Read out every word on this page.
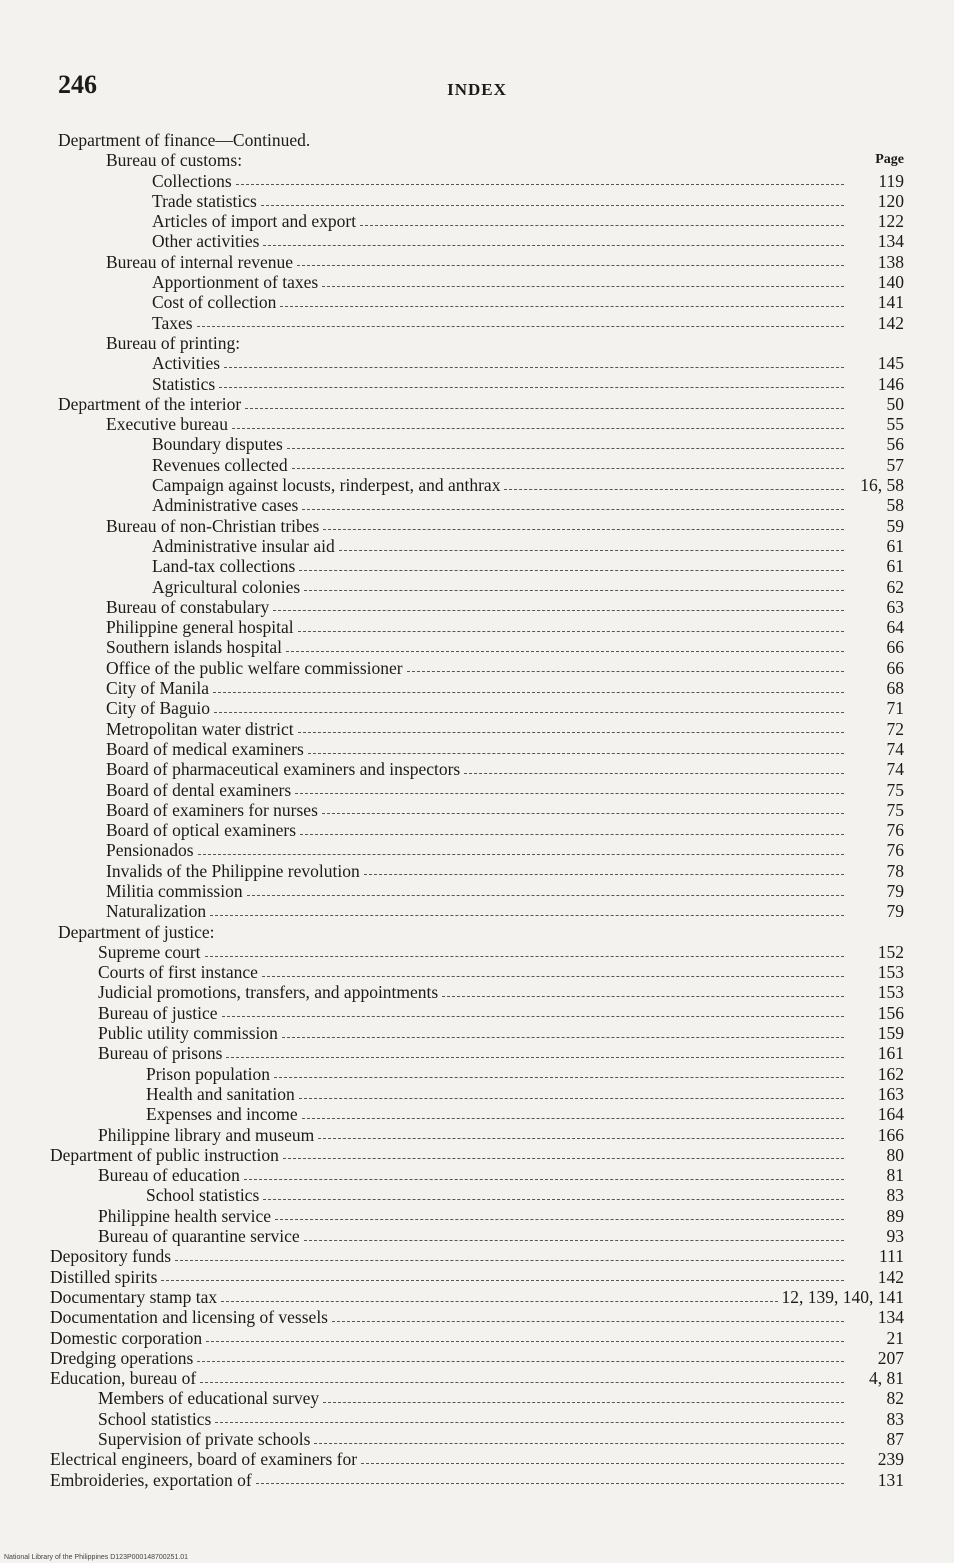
246	INDEX
Page
Department of finance—Continued.
Bureau of customs:
Collections	119
Trade statistics	120
Articles of import and export	122
Other activities	134
Bureau of internal revenue	138
Apportionment of taxes	140
Cost of collection	141
Taxes	142
Bureau of printing:
Activities	145
Statistics	146
Department of the interior	50
Executive bureau	55
Boundary disputes	56
Revenues collected	57
Campaign against locusts, rinderpest, and anthrax	16, 58
Administrative cases	58
Bureau of non-Christian tribes	59
Administrative insular aid	61
Land-tax collections	61
Agricultural colonies	62
Bureau of constabulary	63
Philippine general hospital	64
Southern islands hospital	66
Office of the public welfare commissioner	66
City of Manila	68
City of Baguio	71
Metropolitan water district	72
Board of medical examiners	74
Board of pharmaceutical examiners and inspectors	74
Board of dental examiners	75
Board of examiners for nurses	75
Board of optical examiners	76
Pensionados	76
Invalids of the Philippine revolution	78
Militia commission	79
Naturalization	79
Department of justice:
Supreme court	152
Courts of first instance	153
Judicial promotions, transfers, and appointments	153
Bureau of justice	156
Public utility commission	159
Bureau of prisons	161
Prison population	162
Health and sanitation	163
Expenses and income	164
Philippine library and museum	166
Department of public instruction	80
Bureau of education	81
School statistics	83
Philippine health service	89
Bureau of quarantine service	93
Depository funds	111
Distilled spirits	142
Documentary stamp tax	12, 139, 140, 141
Documentation and licensing of vessels	134
Domestic corporation	21
Dredging operations	207
Education, bureau of	4, 81
Members of educational survey	82
School statistics	83
Supervision of private schools	87
Electrical engineers, board of examiners for	239
Embroideries, exportation of	131
National Library of the Philippines D123P000148700251.01
